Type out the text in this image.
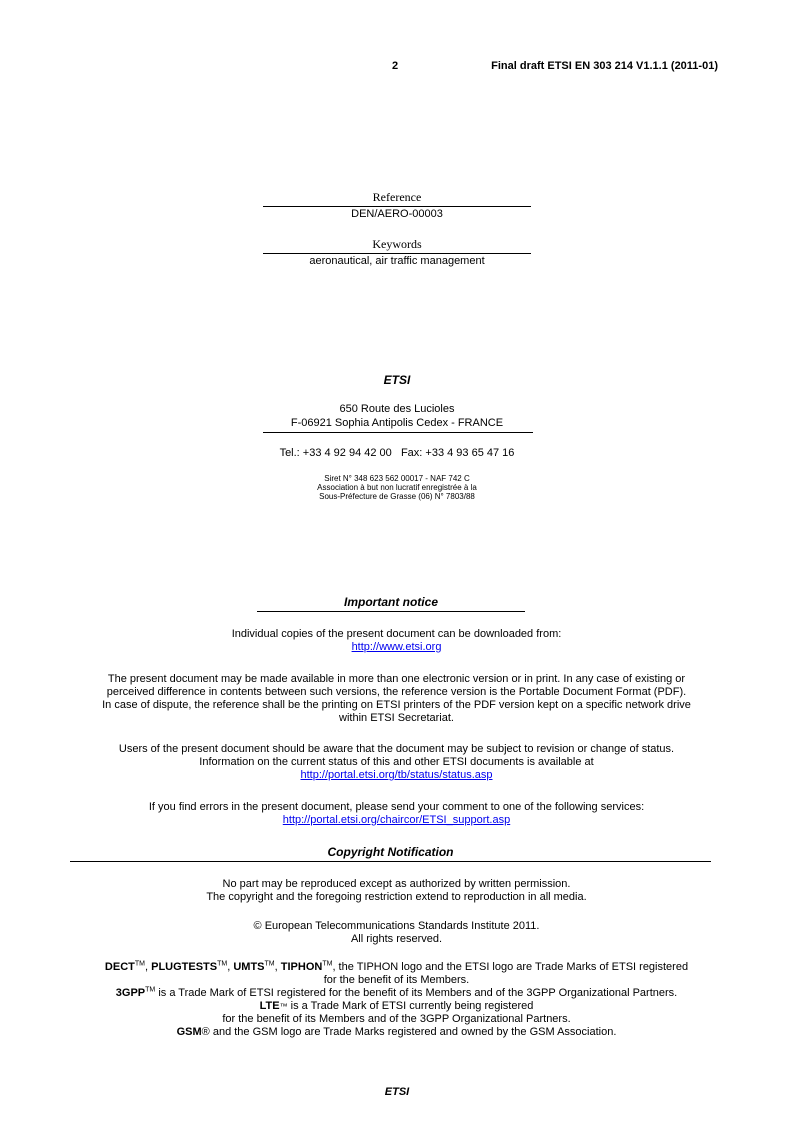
2	Final draft ETSI EN 303 214 V1.1.1 (2011-01)
Reference
DEN/AERO-00003
Keywords
aeronautical, air traffic management
ETSI
650 Route des Lucioles
F-06921 Sophia Antipolis Cedex - FRANCE
Tel.: +33 4 92 94 42 00   Fax: +33 4 93 65 47 16
Siret N° 348 623 562 00017 - NAF 742 C
Association à but non lucratif enregistrée à la
Sous-Préfecture de Grasse (06) N° 7803/88
Important notice
Individual copies of the present document can be downloaded from:
http://www.etsi.org
The present document may be made available in more than one electronic version or in print. In any case of existing or
perceived difference in contents between such versions, the reference version is the Portable Document Format (PDF).
In case of dispute, the reference shall be the printing on ETSI printers of the PDF version kept on a specific network drive
within ETSI Secretariat.
Users of the present document should be aware that the document may be subject to revision or change of status.
Information on the current status of this and other ETSI documents is available at
http://portal.etsi.org/tb/status/status.asp
If you find errors in the present document, please send your comment to one of the following services:
http://portal.etsi.org/chaircor/ETSI_support.asp
Copyright Notification
No part may be reproduced except as authorized by written permission.
The copyright and the foregoing restriction extend to reproduction in all media.
© European Telecommunications Standards Institute 2011.
All rights reserved.
DECT™, PLUGTESTS™, UMTS™, TIPHON™, the TIPHON logo and the ETSI logo are Trade Marks of ETSI registered
for the benefit of its Members.
3GPP™ is a Trade Mark of ETSI registered for the benefit of its Members and of the 3GPP Organizational Partners.
LTE™ is a Trade Mark of ETSI currently being registered
for the benefit of its Members and of the 3GPP Organizational Partners.
GSM® and the GSM logo are Trade Marks registered and owned by the GSM Association.
ETSI
